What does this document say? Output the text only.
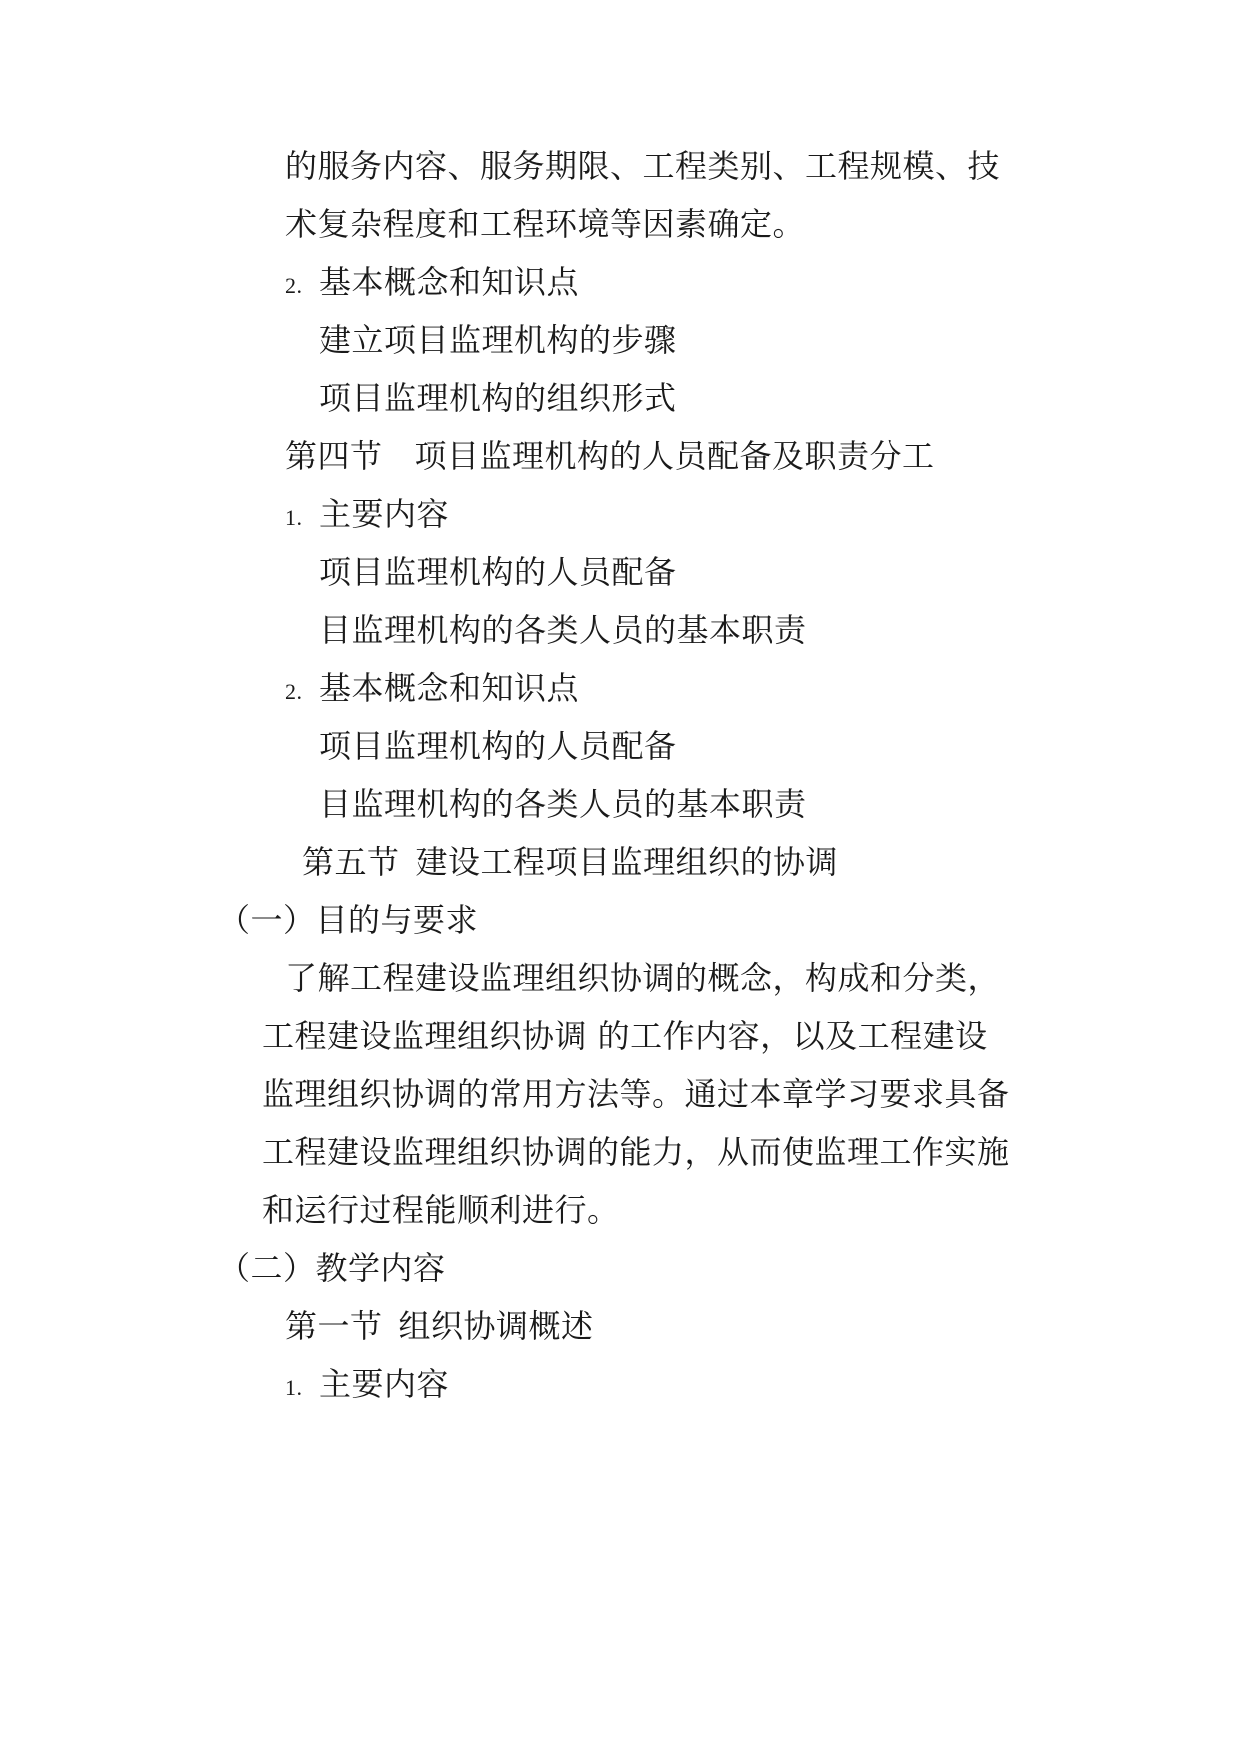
的服务内容、服务期限、工程类别、工程规模、技
术复杂程度和工程环境等因素确定。
2. 基本概念和知识点
建立项目监理机构的步骤
项目监理机构的组织形式
第四节 项目监理机构的人员配备及职责分工
1. 主要内容
项目监理机构的人员配备
目监理机构的各类人员的基本职责
2. 基本概念和知识点
项目监理机构的人员配备
目监理机构的各类人员的基本职责
第五节 建设工程项目监理组织的协调
（一）目的与要求
了解工程建设监理组织协调的概念，构成和分类，
工程建设监理组织协调 的工作内容，以及工程建设
监理组织协调的常用方法等。通过本章学习要求具备
工程建设监理组织协调的能力，从而使监理工作实施
和运行过程能顺利进行。
（二）教学内容
第一节 组织协调概述
1. 主要内容
